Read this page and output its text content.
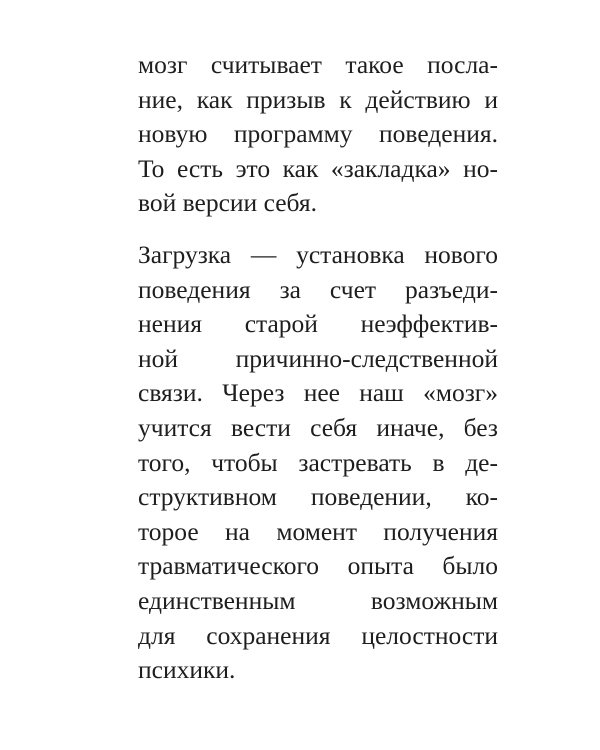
мозг считывает такое посла-
ние, как призыв к действию и
новую программу поведения.
То есть это как «закладка» но-
вой версии себя.

Загрузка — установка нового
поведения за счет разъеди-
нения старой неэффектив-
ной причинно-следственной
связи. Через нее наш «мозг»
учится вести себя иначе, без
того, чтобы застревать в де-
структивном поведении, ко-
торое на момент получения
травматического опыта было
единственным возможным
для сохранения целостности
психики.
